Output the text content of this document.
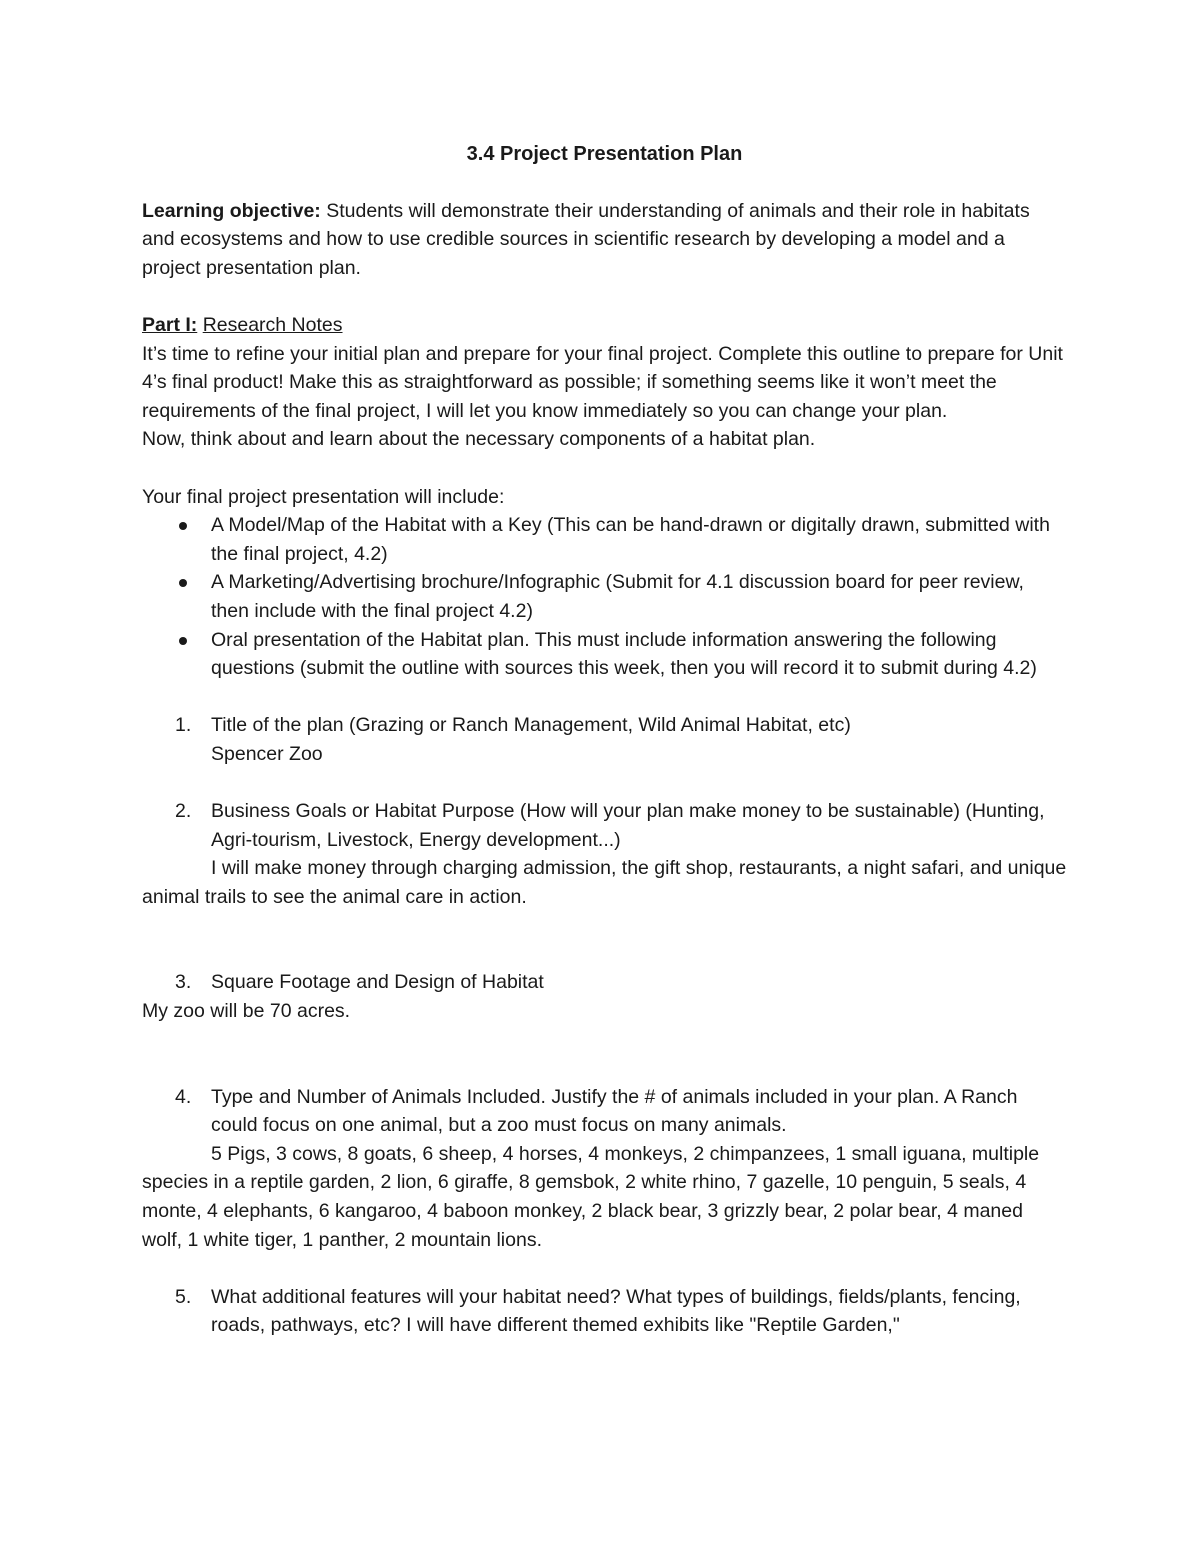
3.4 Project Presentation Plan

Learning objective: Students will demonstrate their understanding of animals and their role in habitats and ecosystems and how to use credible sources in scientific research by developing a model and a project presentation plan.

Part I: Research Notes

It’s time to refine your initial plan and prepare for your final project. Complete this outline to prepare for Unit 4’s final product! Make this as straightforward as possible; if something seems like it won’t meet the requirements of the final project, I will let you know immediately so you can change your plan.

Now, think about and learn about the necessary components of a habitat plan.

Your final project presentation will include:

A Model/Map of the Habitat with a Key (This can be hand-drawn or digitally drawn, submitted with the final project, 4.2)
A Marketing/Advertising brochure/Infographic (Submit for 4.1 discussion board for peer review, then include with the final project 4.2)
Oral presentation of the Habitat plan. This must include information answering the following questions (submit the outline with sources this week, then you will record it to submit during 4.2)
1. Title of the plan (Grazing or Ranch Management, Wild Animal Habitat, etc)

Spencer Zoo

2. Business Goals or Habitat Purpose (How will your plan make money to be sustainable) (Hunting, Agri-tourism, Livestock, Energy development...)

I will make money through charging admission, the gift shop, restaurants, a night safari, and unique animal trails to see the animal care in action.

3. Square Footage and Design of Habitat

My zoo will be 70 acres.

4. Type and Number of Animals Included. Justify the # of animals included in your plan. A Ranch could focus on one animal, but a zoo must focus on many animals.

5 Pigs, 3 cows, 8 goats, 6 sheep, 4 horses, 4 monkeys, 2 chimpanzees, 1 small iguana, multiple species in a reptile garden, 2 lion, 6 giraffe, 8 gemsbok, 2 white rhino, 7 gazelle, 10 penguin, 5 seals, 4 monte, 4 elephants, 6 kangaroo, 4 baboon monkey, 2 black bear, 3 grizzly bear, 2 polar bear, 4 maned wolf, 1 white tiger, 1 panther, 2 mountain lions.

5. What additional features will your habitat need? What types of buildings, fields/plants, fencing, roads, pathways, etc? I will have different themed exhibits like "Reptile Garden,"
